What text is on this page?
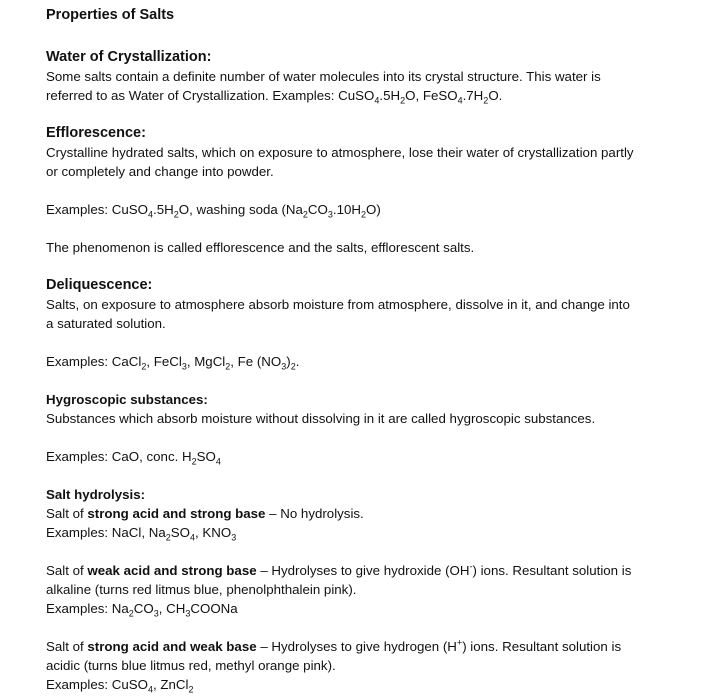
Properties of Salts

Water of Crystallization:

Some salts contain a definite number of water molecules into its crystal structure. This water is

referred to as Water of Crystallization. Examples: $CuSO_4.5H_2O$, $FeSO_4.7H_2O$.

Efflorescence:

Crystalline hydrated salts, which on exposure to atmosphere, lose their water of crystallization partly

or completely and change into powder.

Examples: $CuSO_4.5H_2O$, washing soda $(Na_2CO_3.10H_2O)$

The phenomenon is called efflorescence and the salts, efflorescent salts.

Deliquescence:

Salts, on exposure to atmosphere absorb moisture from atmosphere, dissolve in it, and change into

a saturated solution.

Examples: CaCl$_2$, FeCl$_3$, MgCl$_2$, Fe $(NO_3)_2$.

Hygroscopic substances:

Substances which absorb moisture without dissolving in it are called hygroscopic substances.

Examples: CaO, conc. $H_2SO_4$

Salt hydrolysis:

Salt of strong acid and strong base – No hydrolysis.

Examples: NaCl, $Na_2SO_4$, $KNO_3$

Salt of weak acid and strong base – Hydrolyses to give hydroxide (OH-) ions. Resultant solution is

alkaline (turns red litmus blue, phenolphthalein pink).

Examples: $Na_2CO_3$, $CH_3COONa$

Salt of strong acid and weak base – Hydrolyses to give hydrogen (H+) ions. Resultant solution is

acidic (turns blue litmus red, methyl orange pink).

Examples: CuSO$_4$, ZnCl$_2$
